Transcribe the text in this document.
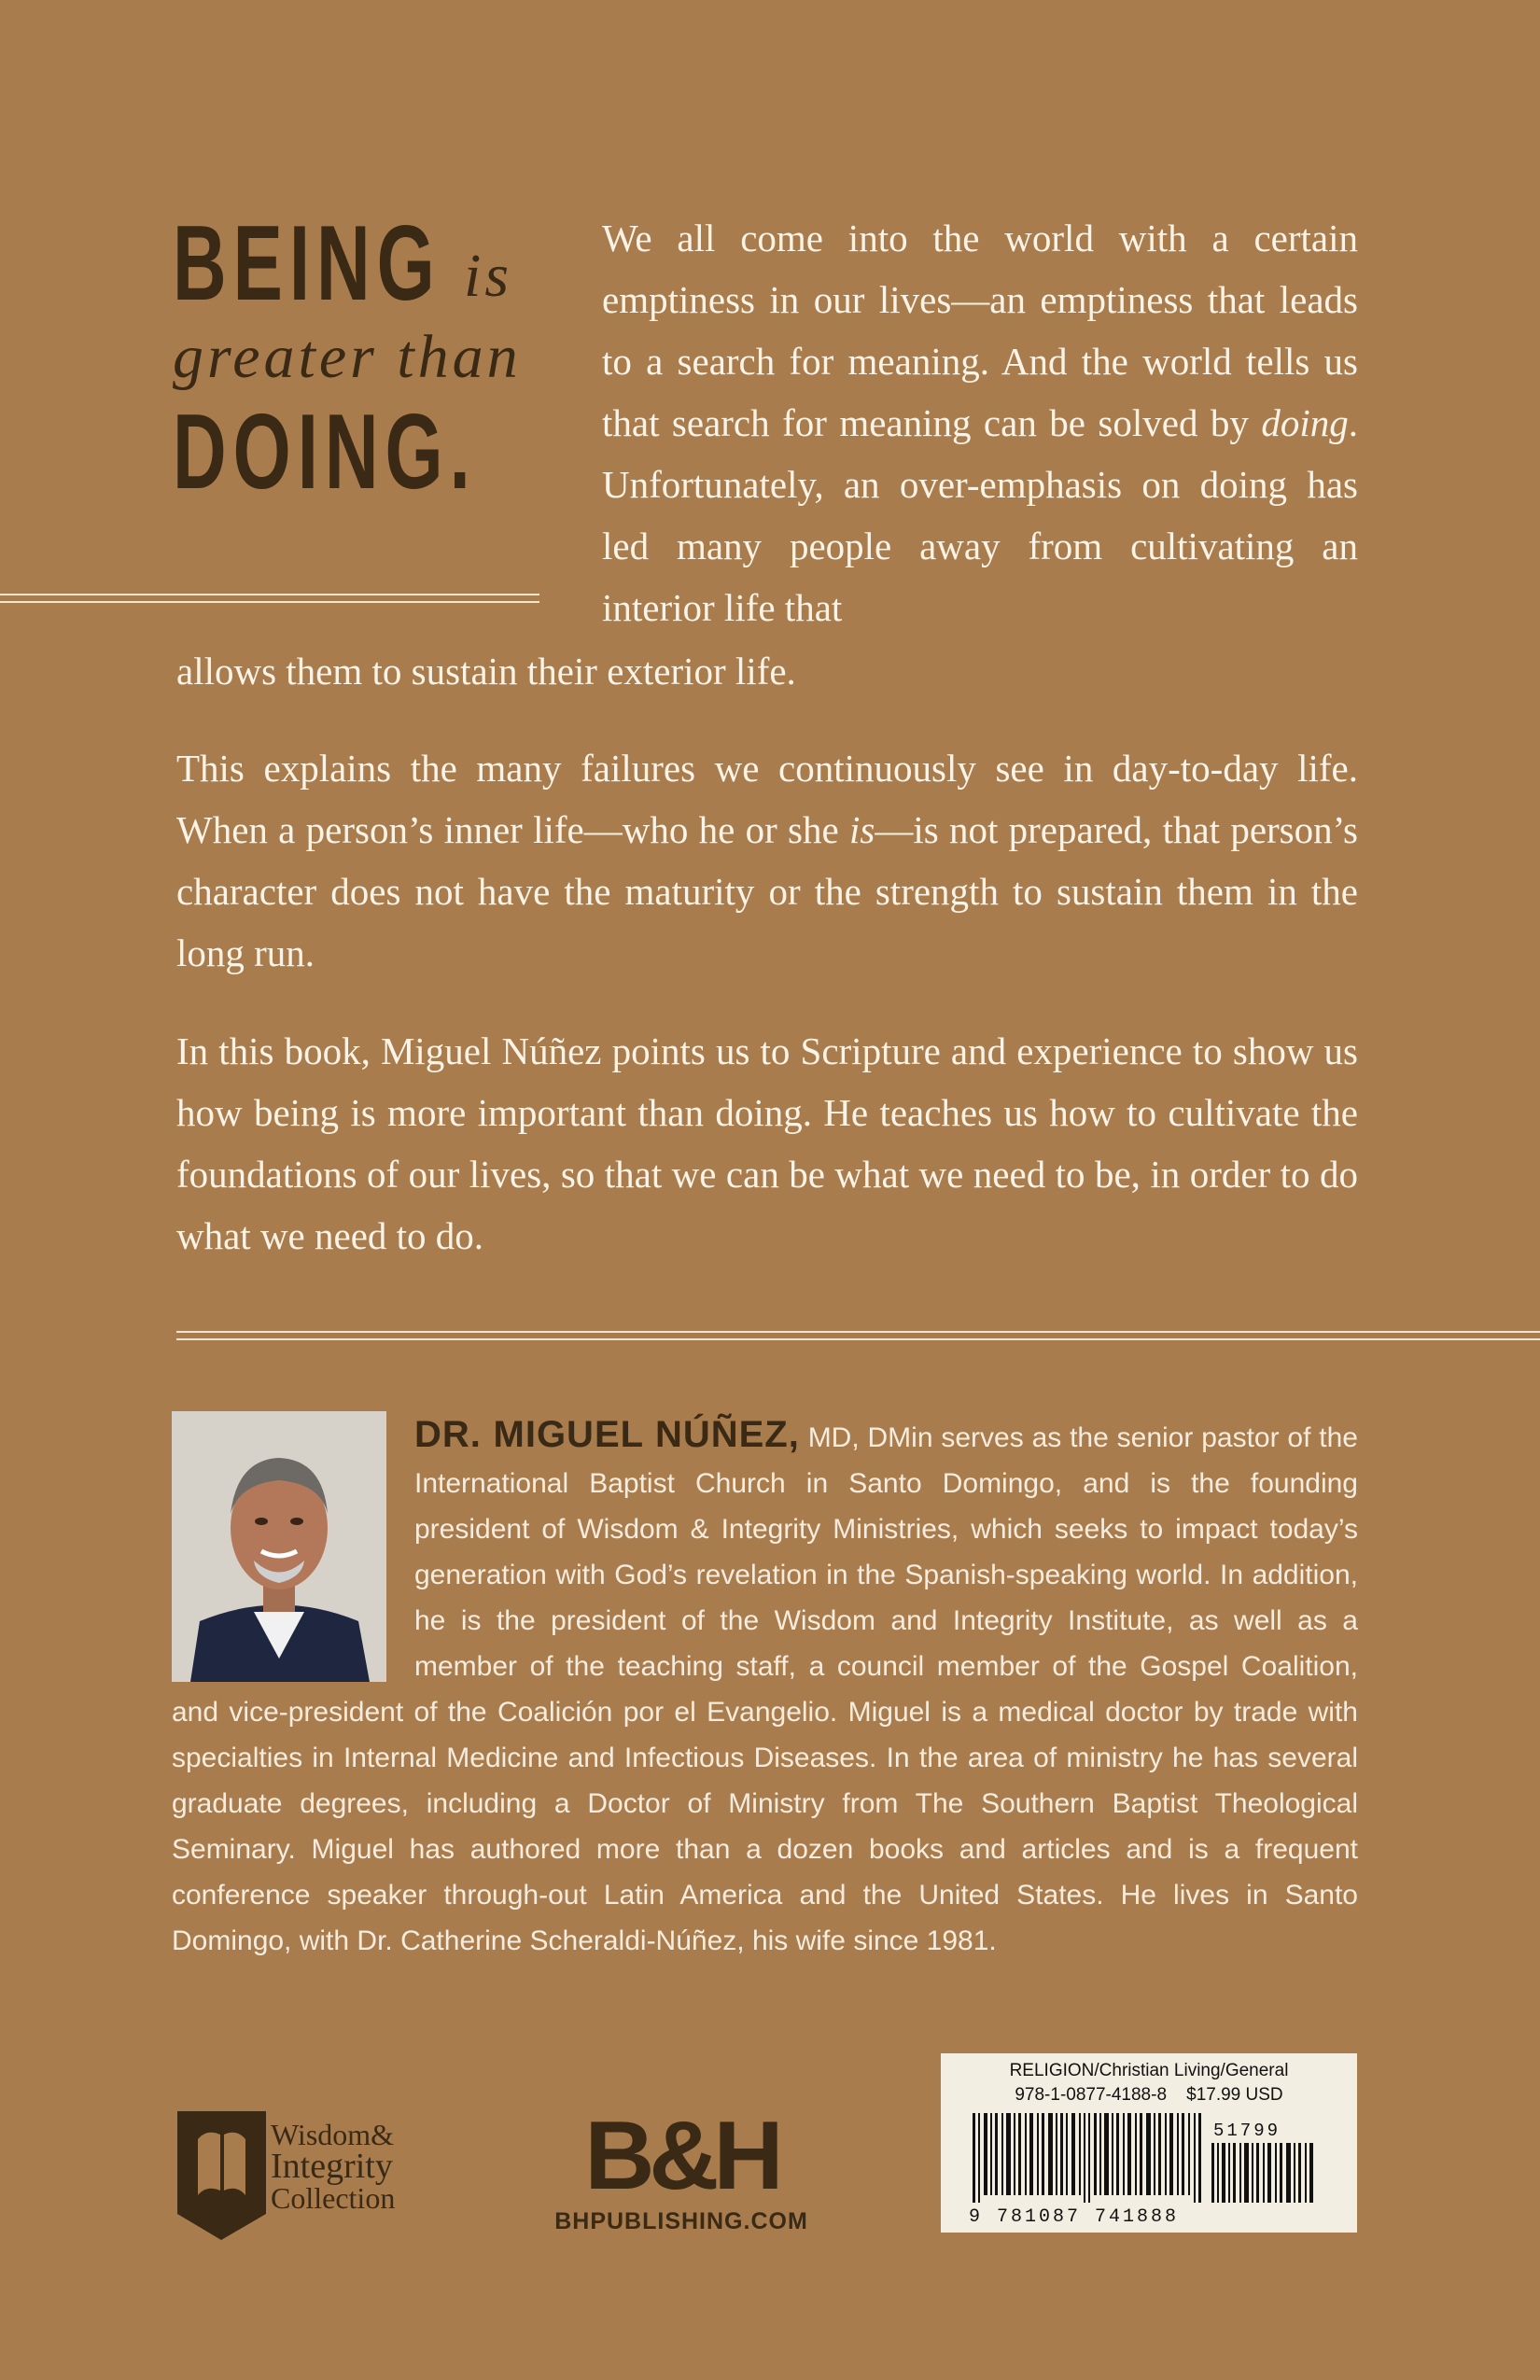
BEING is
greater than
DOING.

We all come into the world with a certain emptiness in our lives—an emptiness that leads to a search for meaning. And the world tells us that search for meaning can be solved by doing. Unfortunately, an over-emphasis on doing has led many people away from cultivating an interior life that

allows them to sustain their exterior life.

This explains the many failures we continuously see in day-to-day life. When a person’s inner life—who he or she is—is not prepared, that person’s character does not have the maturity or the strength to sustain them in the long run.

In this book, Miguel Núñez points us to Scripture and experience to show us how being is more important than doing. He teaches us how to cultivate the foundations of our lives, so that we can be what we need to be, in order to do what we need to do.

DR. MIGUEL NÚÑEZ, MD, DMin serves as the senior pastor of the International Baptist Church in Santo Domingo, and is the founding president of Wisdom & Integrity Ministries, which seeks to impact today’s generation with God’s revelation in the Spanish-speaking world. In addition, he is the president of the Wisdom and Integrity Institute, as well as a member of the teaching staff, a council member of the Gospel Coalition, and vice-president of the Coalición por el Evangelio. Miguel is a medical doctor by trade with specialties in Internal Medicine and Infectious Diseases. In the area of ministry he has several graduate degrees, including a Doctor of Ministry from The Southern Baptist Theological Seminary. Miguel has authored more than a dozen books and articles and is a frequent conference speaker through-out Latin America and the United States. He lives in Santo Domingo, with Dr. Catherine Scheraldi-Núñez, his wife since 1981.
Wisdom&
Integrity
Collection	B&H
BHPUBLISHING.COM
RELIGION/Christian Living/General
978-1-0877-4188-8    $17.99 USD
51799
9 781087 741888
